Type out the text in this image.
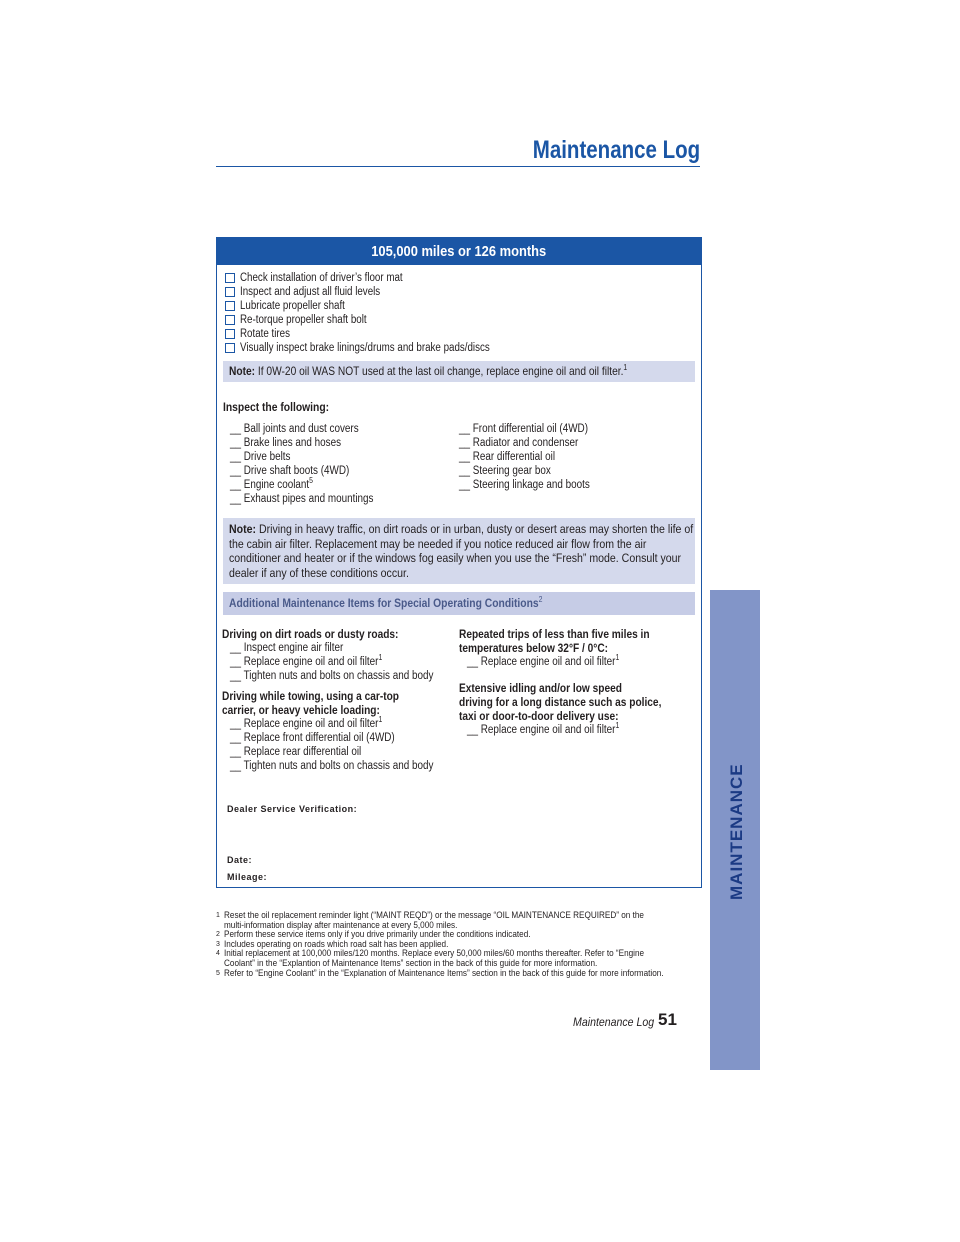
Maintenance Log
105,000 miles or 126 months
Check installation of driver’s floor mat
Inspect and adjust all fluid levels
Lubricate propeller shaft
Re-torque propeller shaft bolt
Rotate tires
Visually inspect brake linings/drums and brake pads/discs
Note: If 0W-20 oil WAS NOT used at the last oil change, replace engine oil and oil filter.$^1$
Inspect the following:
__ Ball joints and dust covers
__ Brake lines and hoses
__ Drive belts
__ Drive shaft boots (4WD)
__ Engine coolant$^5$
__ Exhaust pipes and mountings
__ Front differential oil (4WD)
__ Radiator and condenser
__ Rear differential oil
__ Steering gear box
__ Steering linkage and boots
Note: Driving in heavy traffic, on dirt roads or in urban, dusty or desert areas may shorten the life of the cabin air filter. Replacement may be needed if you notice reduced air flow from the air conditioner and heater or if the windows fog easily when you use the “Fresh” mode. Consult your dealer if any of these conditions occur.
Additional Maintenance Items for Special Operating Conditions$^2$
Driving on dirt roads or dusty roads:
__ Inspect engine air filter
__ Replace engine oil and oil filter$^1$
__ Tighten nuts and bolts on chassis and body
Driving while towing, using a car-top
carrier, or heavy vehicle loading:
__ Replace engine oil and oil filter$^1$
__ Replace front differential oil (4WD)
__ Replace rear differential oil
__ Tighten nuts and bolts on chassis and body
Repeated trips of less than five miles in
temperatures below 32°F / 0°C:
__ Replace engine oil and oil filter$^1$
Extensive idling and/or low speed
driving for a long distance such as police,
taxi or door-to-door delivery use:
__ Replace engine oil and oil filter$^1$
Dealer Service Verification:
Date:
Mileage:
1 Reset the oil replacement reminder light (“MAINT REQD”) or the message “OIL MAINTENANCE REQUIRED” on the multi-information display after maintenance at every 5,000 miles.
2 Perform these service items only if you drive primarily under the conditions indicated.
3 Includes operating on roads which road salt has been applied.
4 Initial replacement at 100,000 miles/120 months. Replace every 50,000 miles/60 months thereafter. Refer to “Engine Coolant” in the “Explantion of Maintenance Items” section in the back of this guide for more information.
5 Refer to “Engine Coolant” in the “Explanation of Maintenance Items” section in the back of this guide for more information.
Maintenance Log 51
MAINTENANCE
